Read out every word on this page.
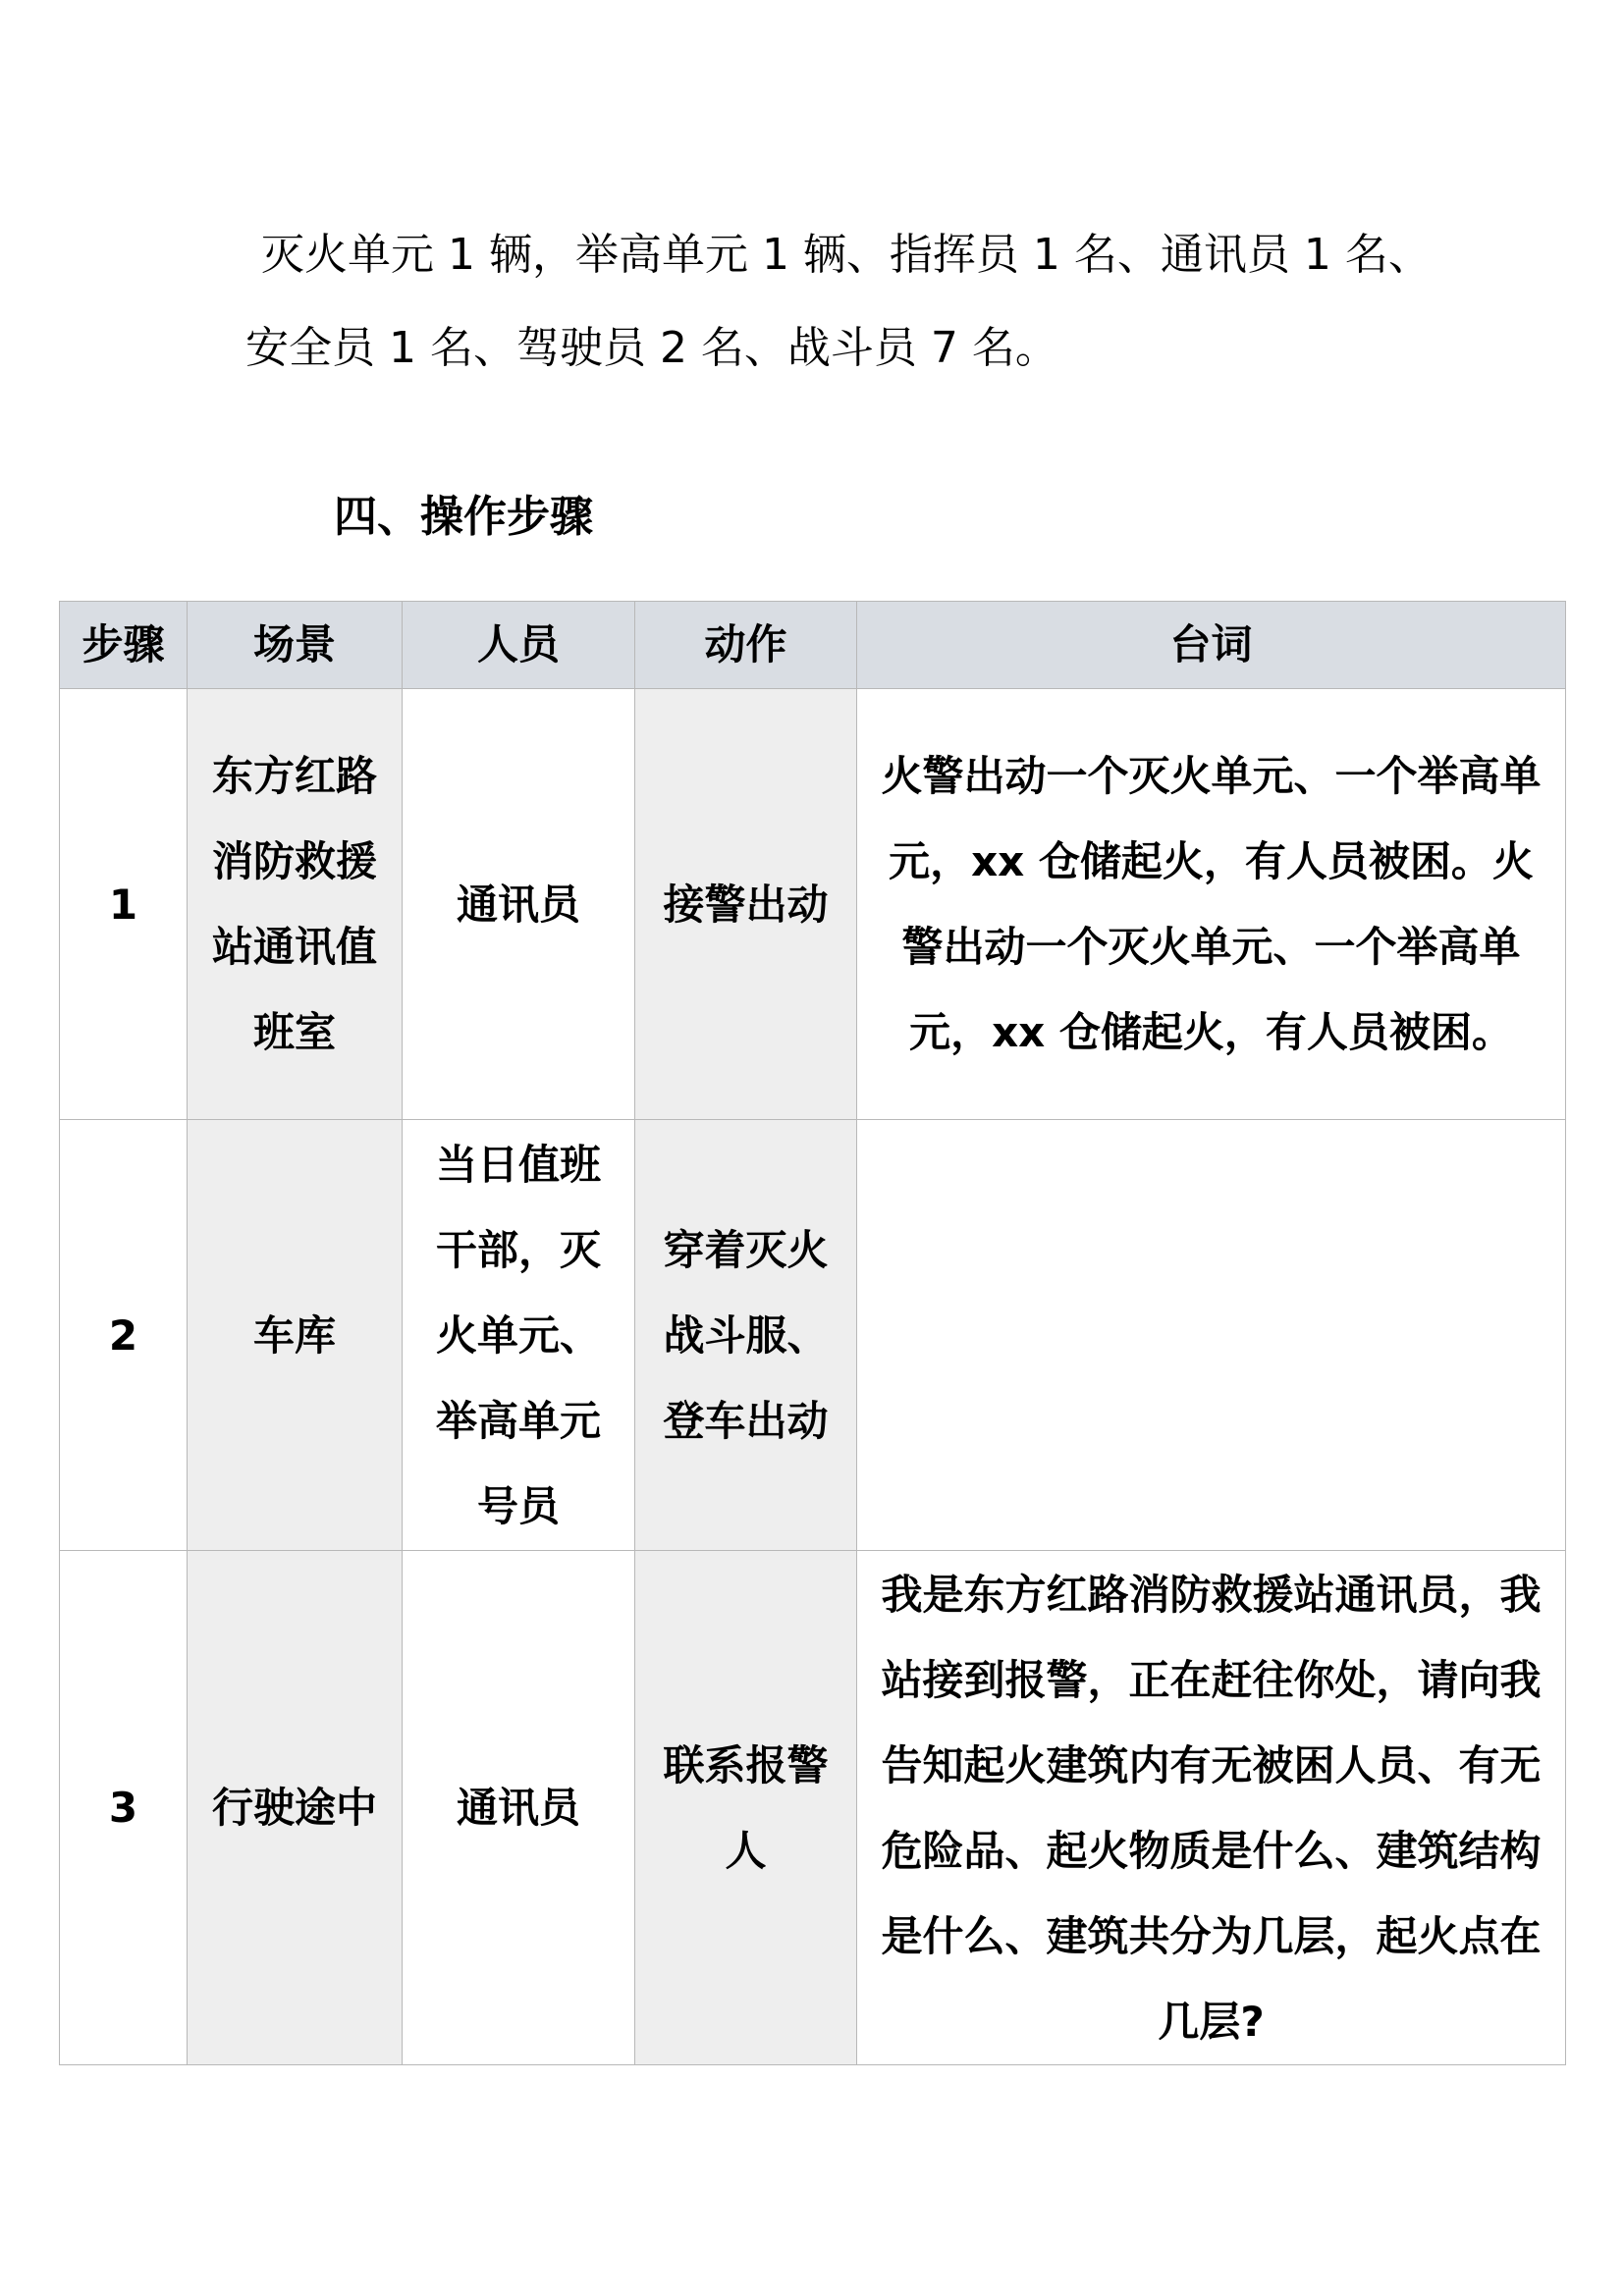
灭火单元 1 辆，举高单元 1 辆、指挥员 1 名、通讯员 1 名、
安全员 1 名、驾驶员 2 名、战斗员 7 名。
四、操作步骤
步骤	场景	人员	动作	台词
1	东方红路消防救援站通讯值班室	通讯员	接警出动	火警出动一个灭火单元、一个举高单元，xx 仓储起火，有人员被困。火警出动一个灭火单元、一个举高单元，xx 仓储起火，有人员被困。
2	车库	当日值班干部，灭火单元、举高单元号员	穿着灭火战斗服、登车出动	
3	行驶途中	通讯员	联系报警人	我是东方红路消防救援站通讯员，我站接到报警，正在赶往你处，请向我告知起火建筑内有无被困人员、有无危险品、起火物质是什么、建筑结构是什么、建筑共分为几层，起火点在几层?
